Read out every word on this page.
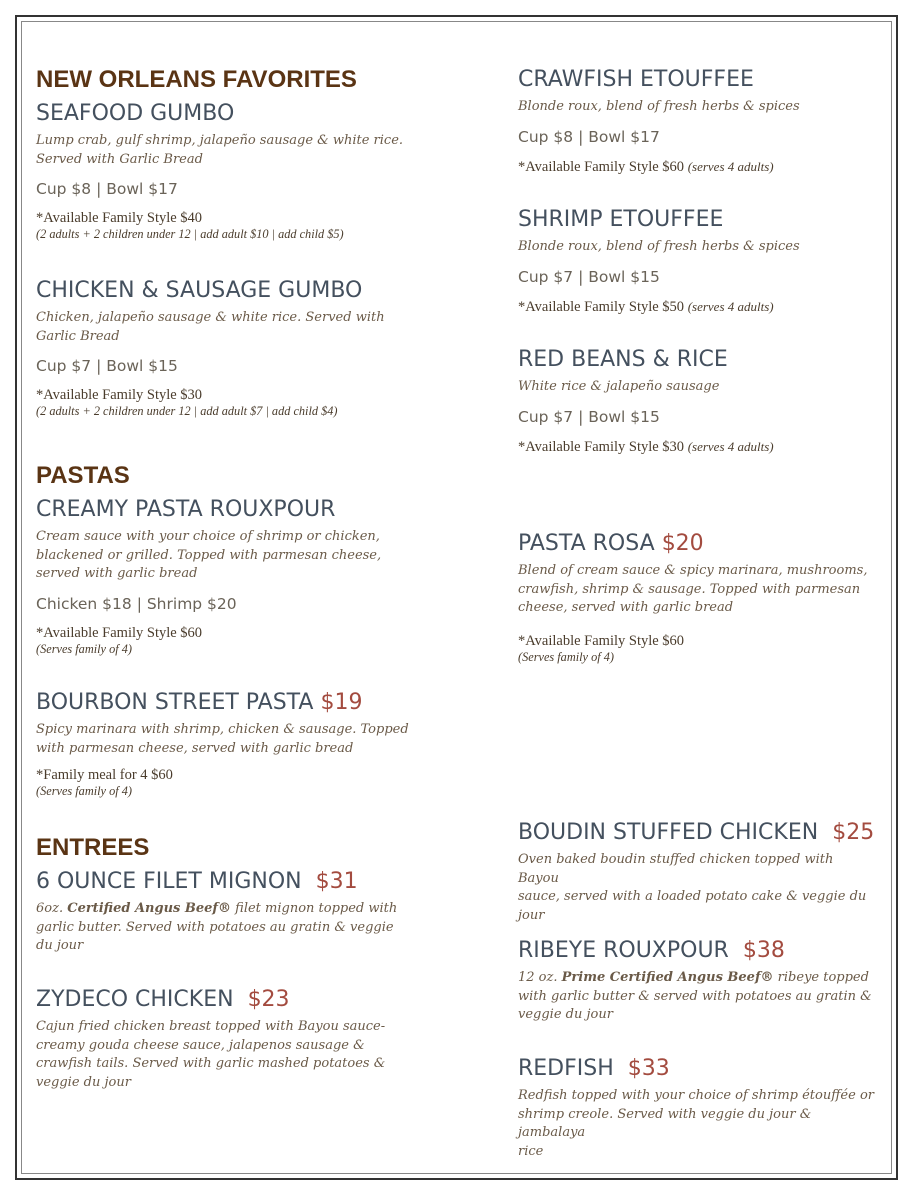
NEW ORLEANS FAVORITES

SEAFOOD GUMBO

Lump crab, gulf shrimp, jalapeño sausage & white rice.
Served with Garlic Bread

Cup $8 | Bowl $17

*Available Family Style $40

(2 adults + 2 children under 12 | add adult $10 | add child $5)

CHICKEN & SAUSAGE GUMBO

Chicken, jalapeño sausage & white rice. Served with
Garlic Bread

Cup $7 | Bowl $15

*Available Family Style $30

(2 adults + 2 children under 12 | add adult $7 | add child $4)

PASTAS

CREAMY PASTA ROUXPOUR

Cream sauce with your choice of shrimp or chicken,
blackened or grilled. Topped with parmesan cheese,
served with garlic bread

Chicken $18 | Shrimp $20

*Available Family Style $60

(Serves family of 4)

BOURBON STREET PASTA $19

Spicy marinara with shrimp, chicken & sausage. Topped
with parmesan cheese, served with garlic bread

*Family meal for 4 $60

(Serves family of 4)

ENTREES

6 OUNCE FILET MIGNON $31

6oz. Certified Angus Beef® filet mignon topped with
garlic butter. Served with potatoes au gratin & veggie
du jour

ZYDECO CHICKEN $23

Cajun fried chicken breast topped with Bayou sauce-
creamy gouda cheese sauce, jalapenos sausage &
crawfish tails. Served with garlic mashed potatoes &
veggie du jour

CRAWFISH ETOUFFEE

Blonde roux, blend of fresh herbs & spices

Cup $8 | Bowl $17

*Available Family Style $60 (serves 4 adults)

SHRIMP ETOUFFEE

Blonde roux, blend of fresh herbs & spices

Cup $7 | Bowl $15

*Available Family Style $50 (serves 4 adults)

RED BEANS & RICE

White rice & jalapeño sausage

Cup $7 | Bowl $15

*Available Family Style $30 (serves 4 adults)

PASTA ROSA $20

Blend of cream sauce & spicy marinara, mushrooms,
crawfish, shrimp & sausage. Topped with parmesan
cheese, served with garlic bread

*Available Family Style $60

(Serves family of 4)

BOUDIN STUFFED CHICKEN $25

Oven baked boudin stuffed chicken topped with Bayou
sauce, served with a loaded potato cake & veggie du
jour

RIBEYE ROUXPOUR $38

12 oz. Prime Certified Angus Beef® ribeye topped
with garlic butter & served with potatoes au gratin &
veggie du jour

REDFISH $33

Redfish topped with your choice of shrimp étouffée or
shrimp creole. Served with veggie du jour & jambalaya
rice
